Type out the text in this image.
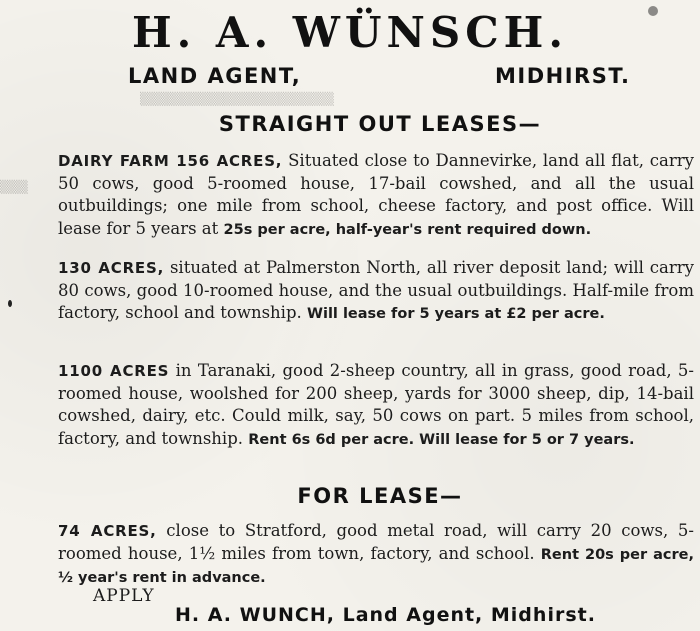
▒▒▒▒▒▒▒▒▒▒▒▒▒▒▒▒▒▒▒▒▒
▒▒▒
H. A. WÜNSCH.
LAND AGENT,	MIDHIRST.
STRAIGHT OUT LEASES—
DAIRY FARM 156 ACRES, Situated close to Dannevirke, land all flat, carry 50 cows, good 5-roomed house, 17-bail cowshed, and all the usual outbuildings; one mile from school, cheese factory, and post office. Will lease for 5 years at 25s per acre, half-year's rent required down.
130 ACRES, situated at Palmerston North, all river deposit land; will carry 80 cows, good 10-roomed house, and the usual outbuildings. Half-mile from factory, school and township. Will lease for 5 years at £2 per acre.
1100 ACRES in Taranaki, good 2-sheep country, all in grass, good road, 5-roomed house, woolshed for 200 sheep, yards for 3000 sheep, dip, 14-bail cowshed, dairy, etc. Could milk, say, 50 cows on part. 5 miles from school, factory, and township. Rent 6s 6d per acre. Will lease for 5 or 7 years.
FOR LEASE—
74 ACRES, close to Stratford, good metal road, will carry 20 cows, 5-roomed house, 1½ miles from town, factory, and school. Rent 20s per acre, ½ year's rent in advance.
APPLY
H. A. WUNCH, Land Agent, Midhirst.
